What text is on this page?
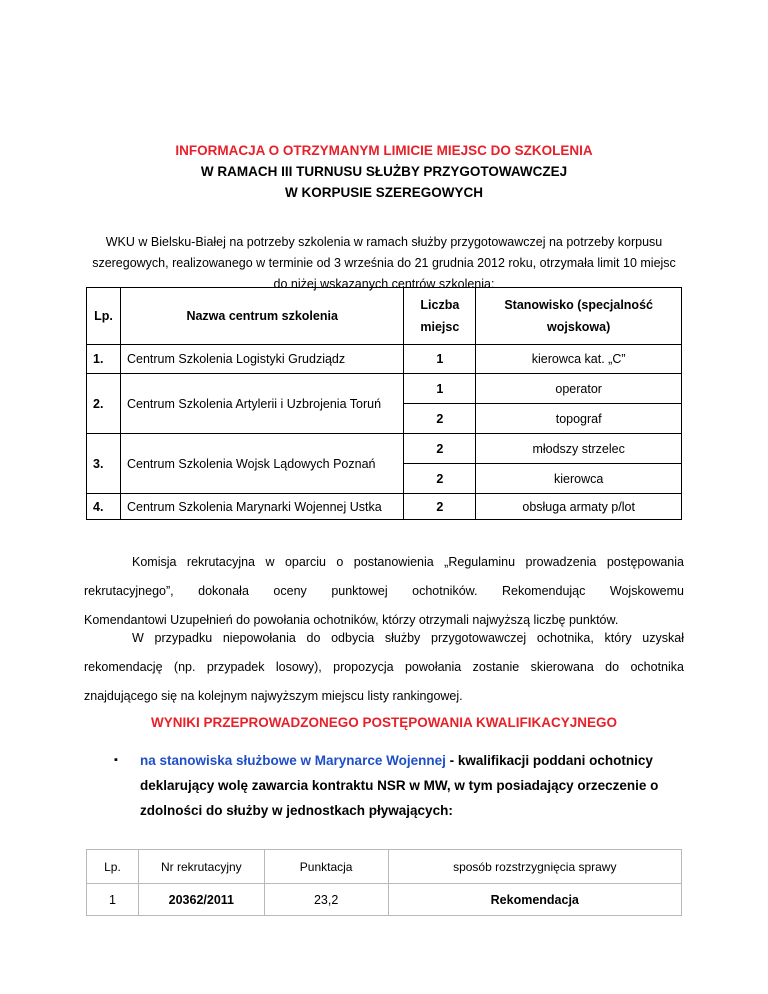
INFORMACJA O OTRZYMANYM LIMICIE MIEJSC DO SZKOLENIA
W RAMACH III TURNUSU SŁUŻBY PRZYGOTOWAWCZEJ
W KORPUSIE SZEREGOWYCH
WKU w Bielsku-Białej na potrzeby szkolenia w ramach służby przygotowawczej na potrzeby korpusu szeregowych, realizowanego w terminie od 3 września do 21 grudnia 2012 roku, otrzymała limit 10 miejsc do niżej wskazanych centrów szkolenia:
Lp.	Nazwa centrum szkolenia	Liczba miejsc	Stanowisko (specjalność wojskowa)
1.	Centrum Szkolenia Logistyki Grudziądz	1	kierowca kat. „C”
2.	Centrum Szkolenia Artylerii i Uzbrojenia Toruń	1	operator
		2	topograf
3.	Centrum Szkolenia Wojsk Lądowych Poznań	2	młodszy strzelec
		2	kierowca
4.	Centrum Szkolenia Marynarki Wojennej Ustka	2	obsługa armaty p/lot
Komisja rekrutacyjna w oparciu o postanowienia „Regulaminu prowadzenia postępowania
rekrutacyjnego”, dokonała oceny punktowej ochotników. Rekomendując Wojskowemu
Komendantowi Uzupełnień do powołania ochotników, którzy otrzymali najwyższą liczbę punktów.
W przypadku niepowołania do odbycia służby przygotowawczej ochotnika, który uzyskał
rekomendację (np. przypadek losowy), propozycja powołania zostanie skierowana do ochotnika
znajdującego się na kolejnym najwyższym miejscu listy rankingowej.
WYNIKI PRZEPROWADZONEGO POSTĘPOWANIA KWALIFIKACYJNEGO
▪ na stanowiska służbowe w Marynarce Wojennej - kwalifikacji poddani ochotnicy deklarujący wolę zawarcia kontraktu NSR w MW, w tym posiadający orzeczenie o zdolności do służby w jednostkach pływających:
Lp.	Nr rekrutacyjny	Punktacja	sposób rozstrzygnięcia sprawy
1	20362/2011	23,2	Rekomendacja
